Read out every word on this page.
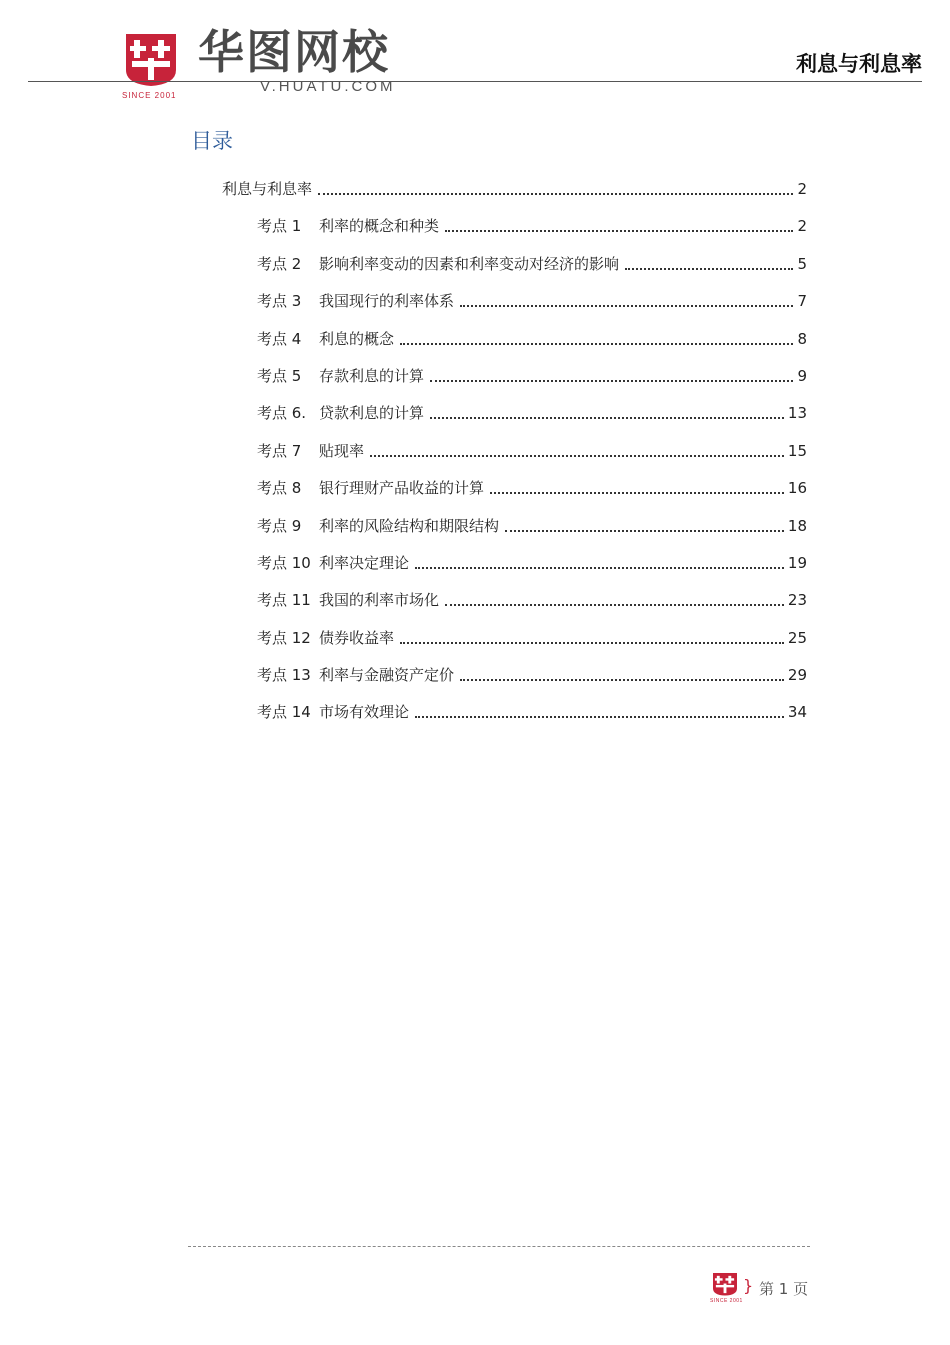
SINCE 2001
华图网校
V.HUATU.COM
利息与利息率
目录
利息与利息率	2
考点 1	利率的概念和种类	2
考点 2	影响利率变动的因素和利率变动对经济的影响	5
考点 3	我国现行的利率体系	7
考点 4	利息的概念	8
考点 5	存款利息的计算	9
考点 6. 贷款利息的计算	13
考点 7	贴现率	15
考点 8	银行理财产品收益的计算	16
考点 9	利率的风险结构和期限结构	18
考点 10 利率决定理论	19
考点 11 我国的利率市场化	23
考点 12 债券收益率	25
考点 13 利率与金融资产定价	29
考点 14 市场有效理论	34
SINCE 2001
} 第 1 页
